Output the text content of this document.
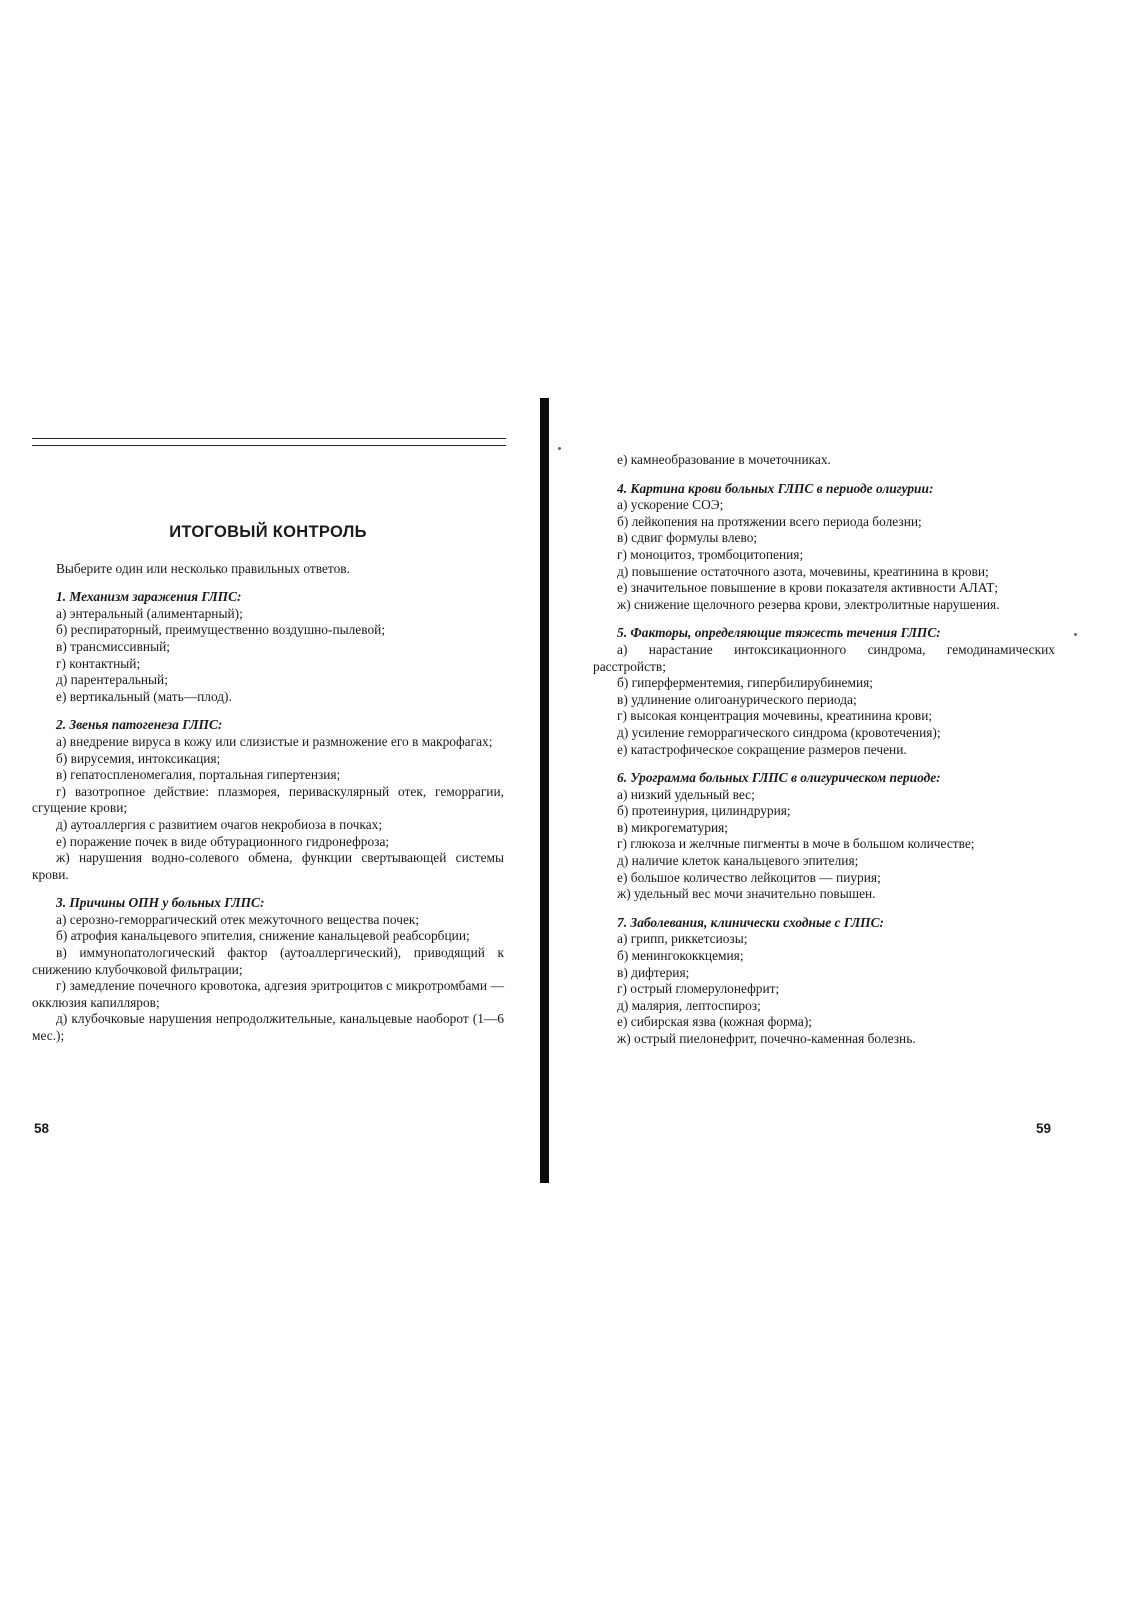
ИТОГОВЫЙ КОНТРОЛЬ
Выберите один или несколько правильных ответов.
1. Механизм заражения ГЛПС:
а) энтеральный (алиментарный);
б) респираторный, преимущественно воздушно-пылевой;
в) трансмиссивный;
г) контактный;
д) парентеральный;
е) вертикальный (мать—плод).
2. Звенья патогенеза ГЛПС:
а) внедрение вируса в кожу или слизистые и размножение его в макрофагах;
б) вирусемия, интоксикация;
в) гепатоспленомегалия, портальная гипертензия;
г) вазотропное действие: плазморея, периваскулярный отек, геморрагии, сгущение крови;
д) аутоаллергия с развитием очагов некробиоза в почках;
е) поражение почек в виде обтурационного гидронефроза;
ж) нарушения водно-солевого обмена, функции свертывающей системы крови.
3. Причины ОПН у больных ГЛПС:
а) серозно-геморрагический отек межуточного вещества почек;
б) атрофия канальцевого эпителия, снижение канальцевой реабсорбции;
в) иммунопатологический фактор (аутоаллергический), приводящий к снижению клубочковой фильтрации;
г) замедление почечного кровотока, адгезия эритроцитов с микротромбами — окклюзия капилляров;
д) клубочковые нарушения непродолжительные, канальцевые наоборот (1—6 мес.);
58
е) камнеобразование в мочеточниках.
4. Картина крови больных ГЛПС в периоде олигурии:
а) ускорение СОЭ;
б) лейкопения на протяжении всего периода болезни;
в) сдвиг формулы влево;
г) моноцитоз, тромбоцитопения;
д) повышение остаточного азота, мочевины, креатинина в крови;
е) значительное повышение в крови показателя активности АЛАТ;
ж) снижение щелочного резерва крови, электролитные нарушения.
5. Факторы, определяющие тяжесть течения ГЛПС:
а) нарастание интоксикационного синдрома, гемодинамических расстройств;
б) гиперферментемия, гипербилирубинемия;
в) удлинение олигоанурического периода;
г) высокая концентрация мочевины, креатинина крови;
д) усиление геморрагического синдрома (кровотечения);
е) катастрофическое сокращение размеров печени.
6. Урограмма больных ГЛПС в олигурическом периоде:
а) низкий удельный вес;
б) протеинурия, цилиндрурия;
в) микрогематурия;
г) глюкоза и желчные пигменты в моче в большом количестве;
д) наличие клеток канальцевого эпителия;
е) большое количество лейкоцитов — пиурия;
ж) удельный вес мочи значительно повышен.
7. Заболевания, клинически сходные с ГЛПС:
а) грипп, риккетсиозы;
б) менингококкцемия;
в) дифтерия;
г) острый гломерулонефрит;
д) малярия, лептоспироз;
е) сибирская язва (кожная форма);
ж) острый пиелонефрит, почечно-каменная болезнь.
59
